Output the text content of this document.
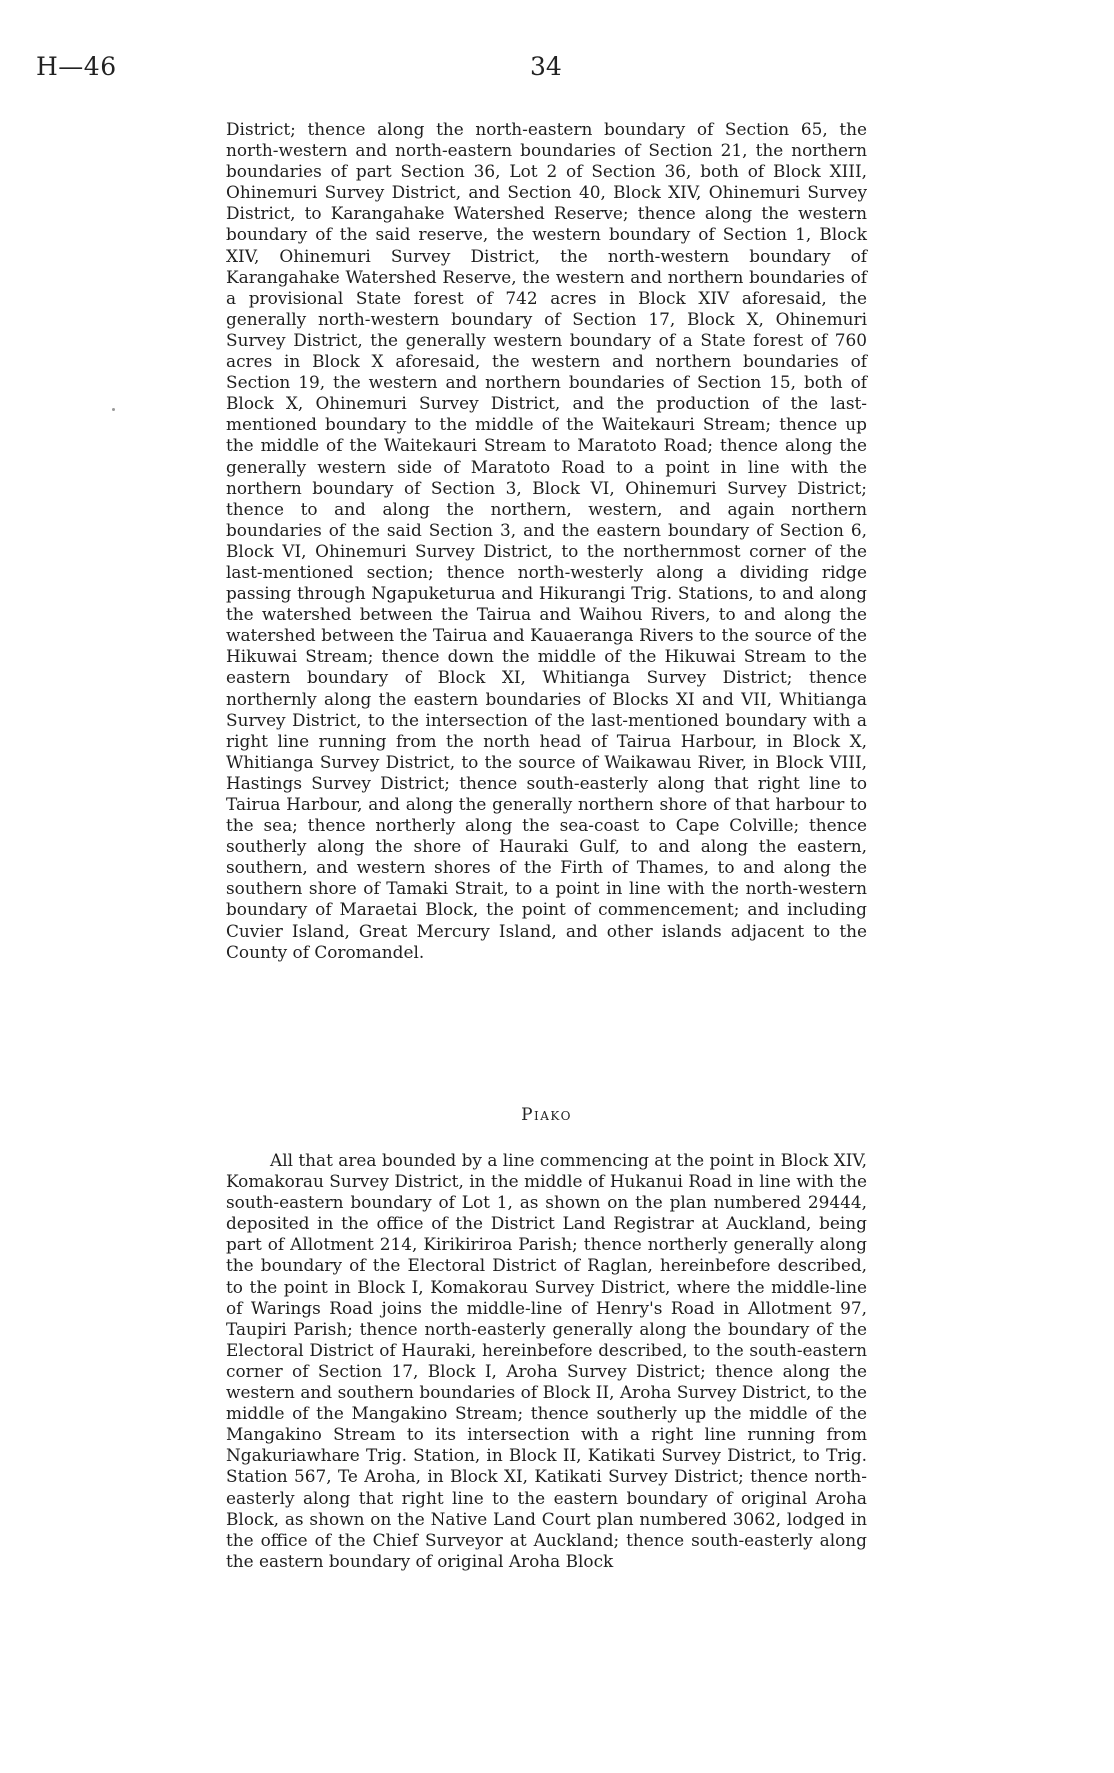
H—46	34

District; thence along the north-eastern boundary of Section 65, the north-western and north-eastern boundaries of Section 21, the northern boundaries of part Section 36, Lot 2 of Section 36, both of Block XIII, Ohinemuri Survey District, and Section 40, Block XIV, Ohinemuri Survey District, to Karangahake Watershed Reserve; thence along the western boundary of the said reserve, the western boundary of Section 1, Block XIV, Ohinemuri Survey District, the north-western boundary of Karangahake Watershed Reserve, the western and northern boundaries of a provisional State forest of 742 acres in Block XIV aforesaid, the generally north-western boundary of Section 17, Block X, Ohinemuri Survey District, the generally western boundary of a State forest of 760 acres in Block X aforesaid, the western and northern boundaries of Section 19, the western and northern boundaries of Section 15, both of Block X, Ohinemuri Survey District, and the production of the last-mentioned boundary to the middle of the Waitekauri Stream; thence up the middle of the Waitekauri Stream to Maratoto Road; thence along the generally western side of Maratoto Road to a point in line with the northern boundary of Section 3, Block VI, Ohinemuri Survey District; thence to and along the northern, western, and again northern boundaries of the said Section 3, and the eastern boundary of Section 6, Block VI, Ohinemuri Survey District, to the northernmost corner of the last-mentioned section; thence north-westerly along a dividing ridge passing through Ngapuketurua and Hikurangi Trig. Stations, to and along the watershed between the Tairua and Waihou Rivers, to and along the watershed between the Tairua and Kauaeranga Rivers to the source of the Hikuwai Stream; thence down the middle of the Hikuwai Stream to the eastern boundary of Block XI, Whitianga Survey District; thence northernly along the eastern boundaries of Blocks XI and VII, Whitianga Survey District, to the intersection of the last-mentioned boundary with a right line running from the north head of Tairua Harbour, in Block X, Whitianga Survey District, to the source of Waikawau River, in Block VIII, Hastings Survey District; thence south-easterly along that right line to Tairua Harbour, and along the generally northern shore of that harbour to the sea; thence northerly along the sea-coast to Cape Colville; thence southerly along the shore of Hauraki Gulf, to and along the eastern, southern, and western shores of the Firth of Thames, to and along the southern shore of Tamaki Strait, to a point in line with the north-western boundary of Maraetai Block, the point of commencement; and including Cuvier Island, Great Mercury Island, and other islands adjacent to the County of Coromandel.

Piako

All that area bounded by a line commencing at the point in Block XIV, Komakorau Survey District, in the middle of Hukanui Road in line with the south-eastern boundary of Lot 1, as shown on the plan numbered 29444, deposited in the office of the District Land Registrar at Auckland, being part of Allotment 214, Kirikiriroa Parish; thence northerly generally along the boundary of the Electoral District of Raglan, hereinbefore described, to the point in Block I, Komakorau Survey District, where the middle-line of Warings Road joins the middle-line of Henry's Road in Allotment 97, Taupiri Parish; thence north-easterly generally along the boundary of the Electoral District of Hauraki, hereinbefore described, to the south-eastern corner of Section 17, Block I, Aroha Survey District; thence along the western and southern boundaries of Block II, Aroha Survey District, to the middle of the Mangakino Stream; thence southerly up the middle of the Mangakino Stream to its intersection with a right line running from Ngakuriawhare Trig. Station, in Block II, Katikati Survey District, to Trig. Station 567, Te Aroha, in Block XI, Katikati Survey District; thence north-easterly along that right line to the eastern boundary of original Aroha Block, as shown on the Native Land Court plan numbered 3062, lodged in the office of the Chief Surveyor at Auckland; thence south-easterly along the eastern boundary of original Aroha Block
